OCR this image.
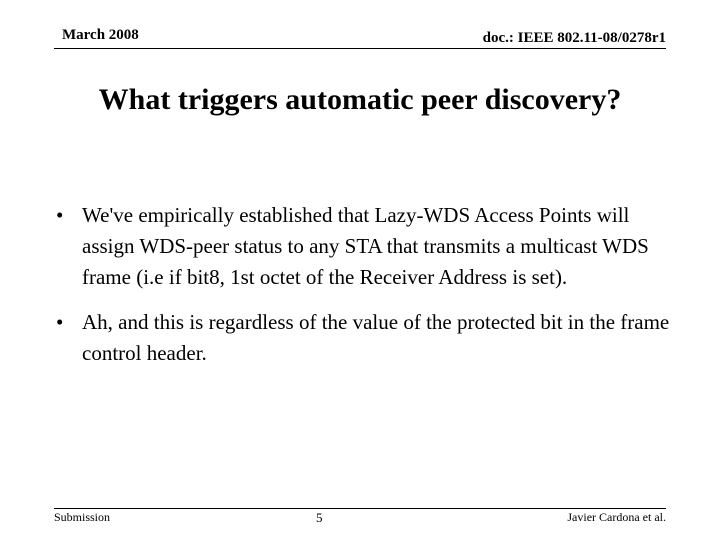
March 2008	doc.: IEEE 802.11-08/0278r1
What triggers automatic peer discovery?
• We've empirically established that Lazy-WDS Access Points will assign WDS-peer status to any STA that transmits a multicast WDS frame (i.e if bit8, 1st octet of the Receiver Address is set).
• Ah, and this is regardless of the value of the protected bit in the frame control header.
Submission	5	Javier Cardona et al.
